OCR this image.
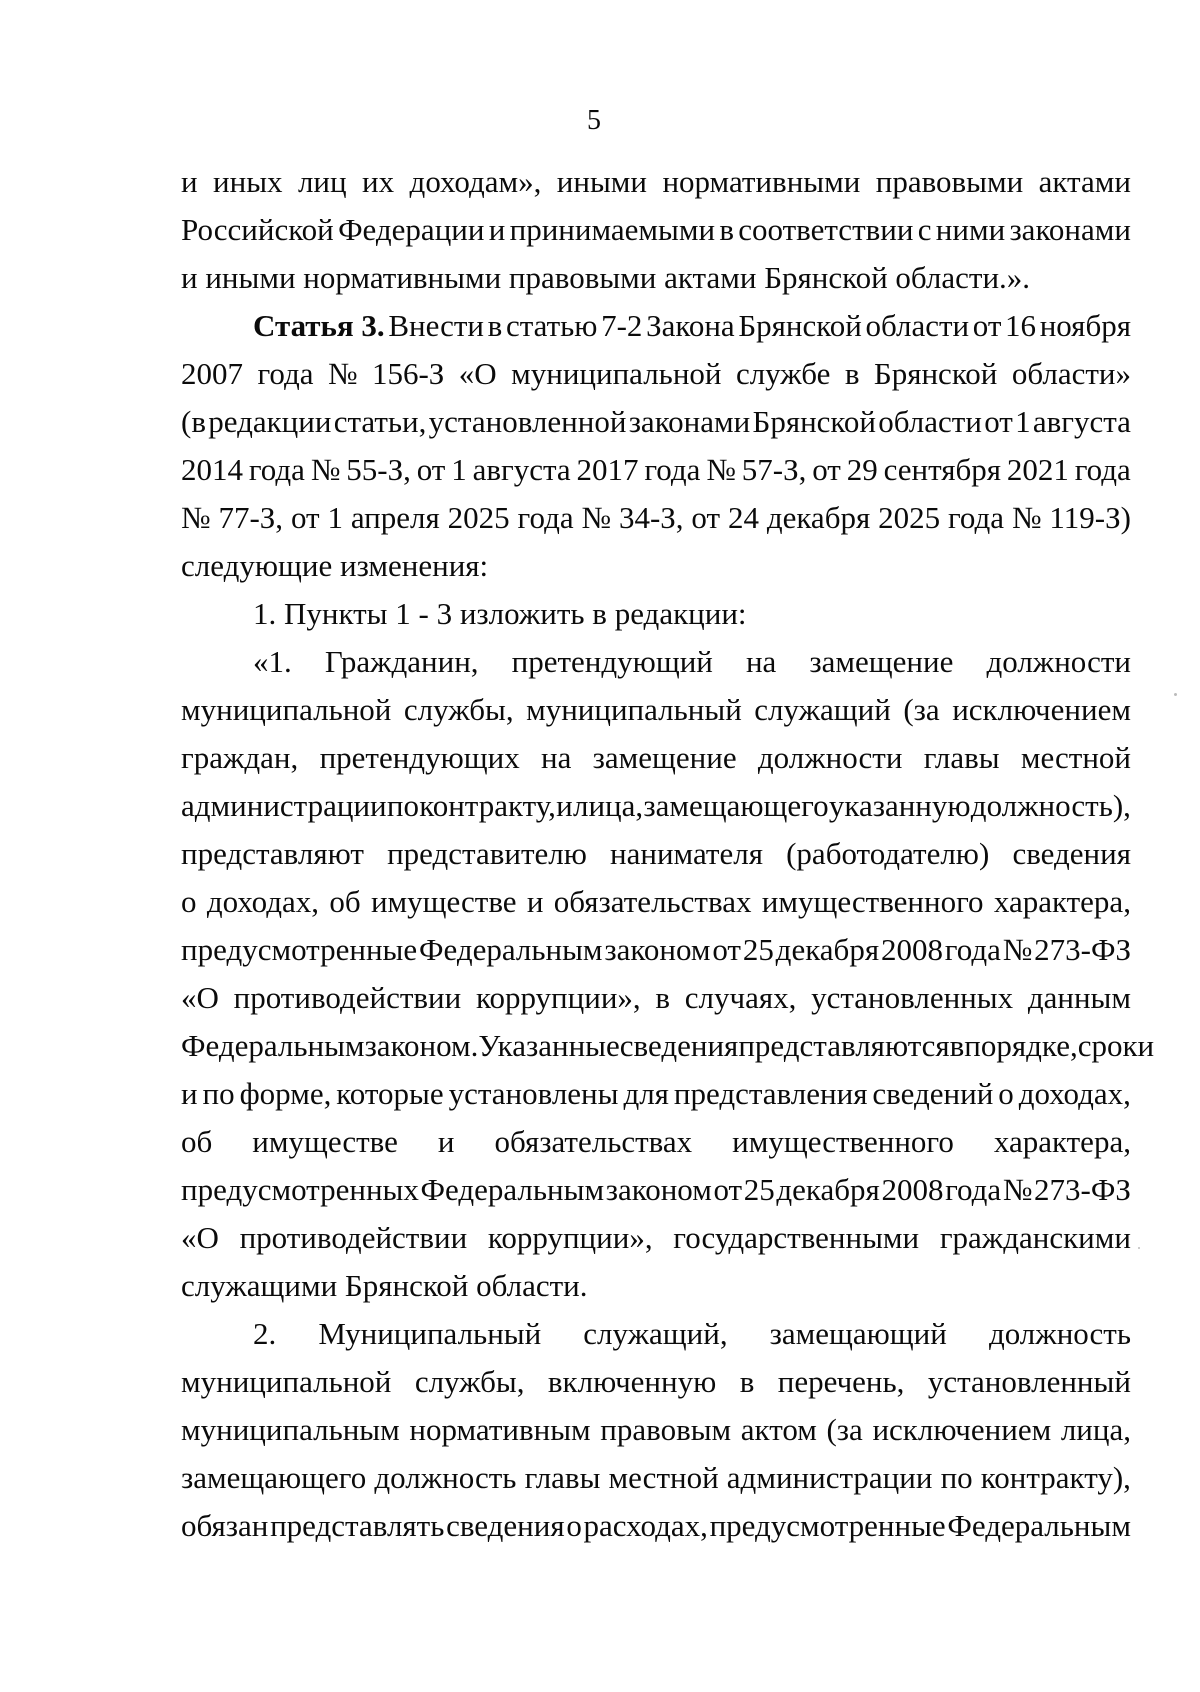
5
и иных лиц их доходам», иными нормативными правовыми актами
Российской Федерации и принимаемыми в соответствии с ними законами
и иными нормативными правовыми актами Брянской области.».
Статья 3. Внести в статью 7-2 Закона Брянской области от 16 ноября
2007 года № 156-З «О муниципальной службе в Брянской области»
(в редакции статьи, установленной законами Брянской области от 1 августа
2014 года № 55-З, от 1 августа 2017 года № 57-З, от 29 сентября 2021 года
№ 77-З, от 1 апреля 2025 года № 34-З, от 24 декабря 2025 года № 119-З)
следующие изменения:
1. Пункты 1 - 3 изложить в редакции:
«1. Гражданин, претендующий на замещение должности
муниципальной службы, муниципальный служащий (за исключением
граждан, претендующих на замещение должности главы местной
администрации по контракту, и лица, замещающего указанную должность),
представляют представителю нанимателя (работодателю) сведения
о доходах, об имуществе и обязательствах имущественного характера,
предусмотренные Федеральным законом от 25 декабря 2008 года № 273-ФЗ
«О противодействии коррупции», в случаях, установленных данным
Федеральным законом. Указанные сведения представляются в порядке, сроки
и по форме, которые установлены для представления сведений о доходах,
об имуществе и обязательствах имущественного характера,
предусмотренных Федеральным законом от 25 декабря 2008 года № 273-ФЗ
«О противодействии коррупции», государственными гражданскими
служащими Брянской области.
2. Муниципальный служащий, замещающий должность
муниципальной службы, включенную в перечень, установленный
муниципальным нормативным правовым актом (за исключением лица,
замещающего должность главы местной администрации по контракту),
обязан представлять сведения о расходах, предусмотренные Федеральным
